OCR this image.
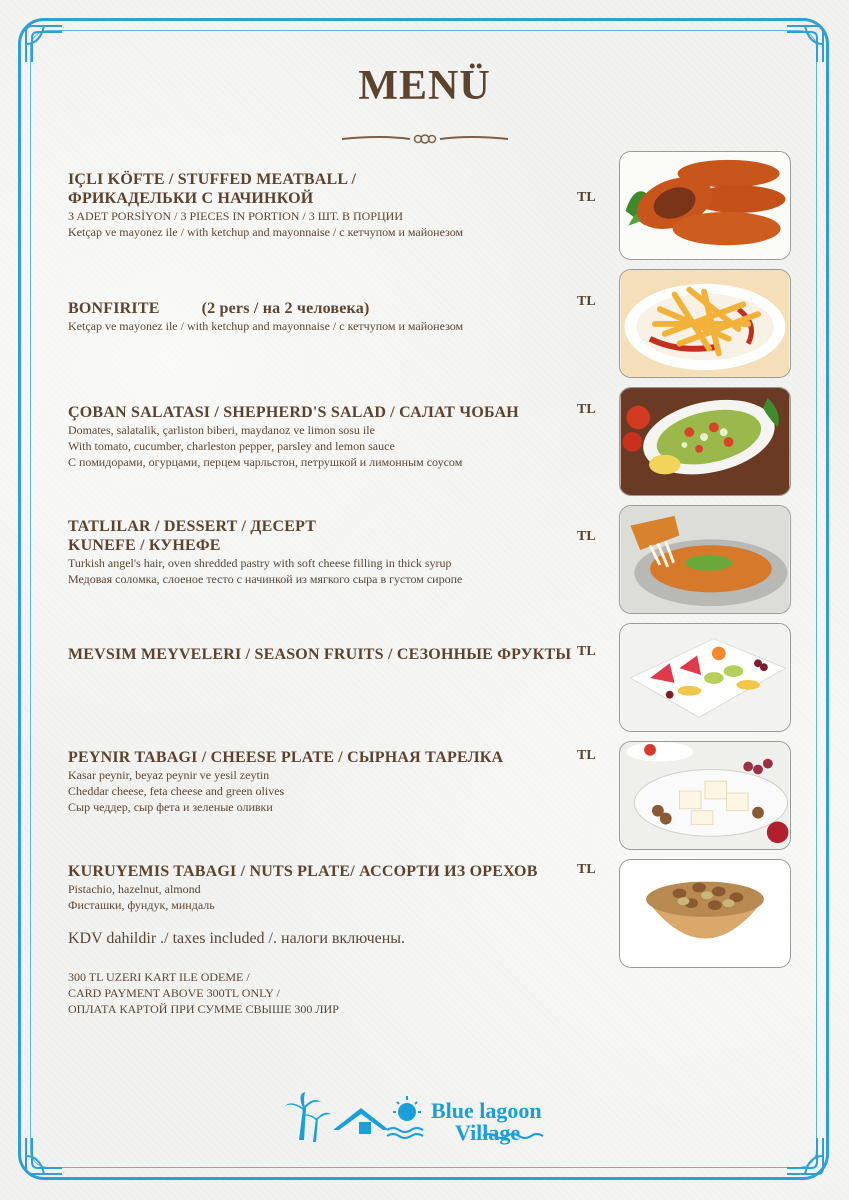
MENÜ
IÇLI KÖFTE / STUFFED MEATBALL /
ФРИКАДЕЛЬКИ С НАЧИНКОЙ
3 ADET PORSİYON / 3 PIECES IN PORTION / 3 ШТ. В ПОРЦИИ
Ketçap ve mayonez ile / with ketchup and mayonnaise / с кетчупом и майонезом
TL
BONFIRITE          (2 pers / на 2 человека)
Ketçap ve mayonez ile / with ketchup and mayonnaise / с кетчупом и майонезом
TL
ÇOBAN SALATASI / SHEPHERD'S SALAD / САЛАТ ЧОБАН
Domates, salatalik, çarliston biberi, maydanoz ve limon sosu ile
With tomato, cucumber, charleston pepper, parsley and lemon sauce
С помидорами, огурцами, перцем чарльстон, петрушкой и лимонным соусом
TL
TATLILAR / DESSERT / ДЕСЕРТ
KUNEFE / КУНЕФЕ
Turkish angel's hair, oven shredded pastry with soft cheese filling in thick syrup
Медовая соломка, слоеное тесто с начинкой из мягкого сыра в густом сиропе
TL
MEVSIM MEYVELERI / SEASON FRUITS / СЕЗОННЫЕ ФРУКТЫ TL
PEYNIR TABAGI / CHEESE PLATE / СЫРНАЯ ТАРЕЛКА
Kasar peynir, beyaz peynir ve yesil zeytin
Cheddar cheese, feta cheese and green olives
Сыр чеддер, сыр фета и зеленые оливки
TL
KURUYEMIS TABAGI / NUTS PLATE/ АССОРТИ ИЗ ОРЕХОВ
Pistachio, hazelnut, almond
Фисташки, фундук, миндаль
TL
KDV dahildir ./ taxes included /. налоги включены.
300 TL UZERI KART ILE ODEME /
CARD PAYMENT ABOVE 300TL ONLY /
ОПЛАТА КАРТОЙ ПРИ СУММЕ СВЫШЕ 300 ЛИР
Blue lagoon
Village
